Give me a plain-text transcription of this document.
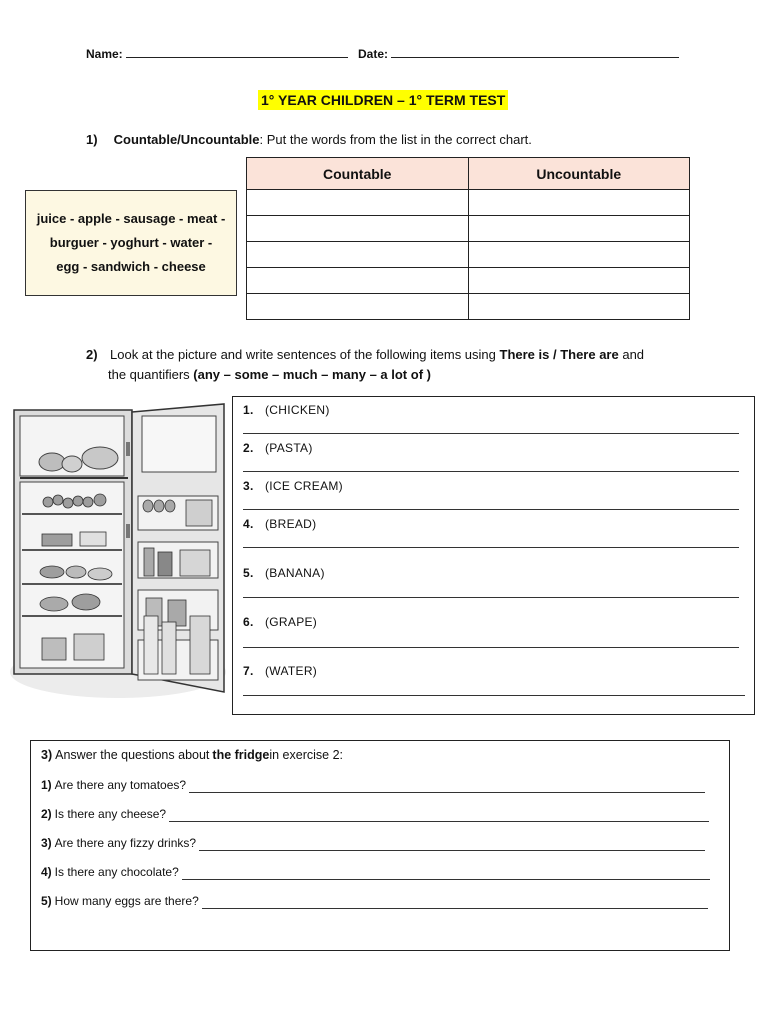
Name:	Date:
1° YEAR CHILDREN – 1° TERM TEST
1) Countable/Uncountable: Put the words from the list in the correct chart.
juice - apple - sausage - meat -
burguer - yoghurt - water -
egg - sandwich - cheese
Countable	Uncountable

2) Look at the picture and write sentences of the following items using There is / There are and
the quantifiers (any – some – much – many – a lot of )
1. (CHICKEN)
2. (PASTA)
3. (ICE CREAM)
4. (BREAD)
5. (BANANA)
6. (GRAPE)
7. (WATER)
3) Answer the questions about the fridge in exercise 2:
1) Are there any tomatoes?
2) Is there any cheese?
3) Are there any fizzy drinks?
4) Is there any chocolate?
5) How many eggs are there?
